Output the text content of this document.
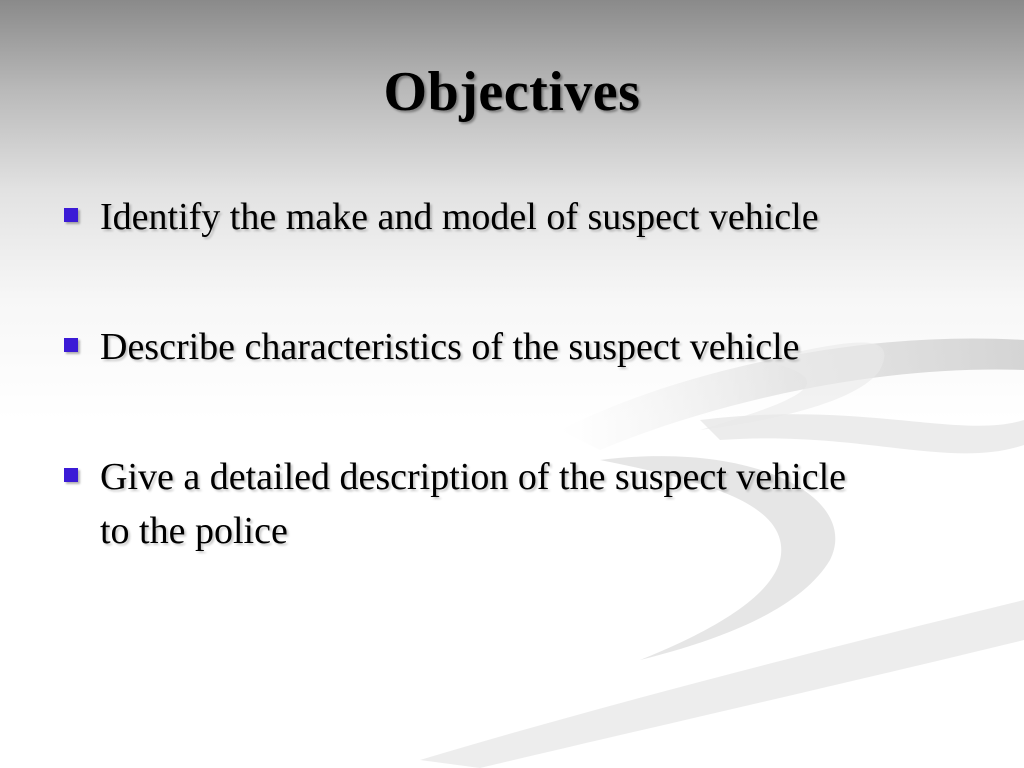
Objectives
Identify the make and model of suspect vehicle
Describe characteristics of the suspect vehicle
Give a detailed description of the suspect vehicle to the police
